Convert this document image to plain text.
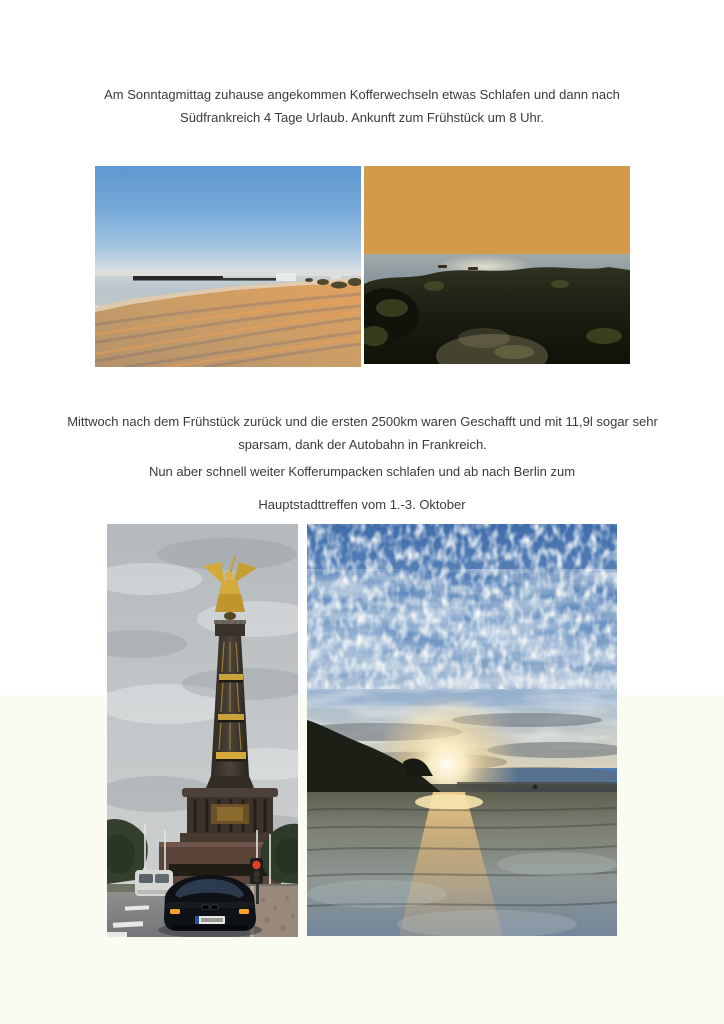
Am Sonntagmittag zuhause angekommen Kofferwechseln etwas Schlafen und dann nach Südfrankreich 4 Tage Urlaub. Ankunft zum Frühstück um 8 Uhr.

Mittwoch nach dem Frühstück zurück und die ersten 2500km waren Geschafft und mit 11,9l sogar sehr sparsam, dank der Autobahn in Frankreich.

Nun aber schnell weiter Kofferumpacken schlafen und ab nach Berlin zum

Hauptstadttreffen vom 1.-3. Oktober
